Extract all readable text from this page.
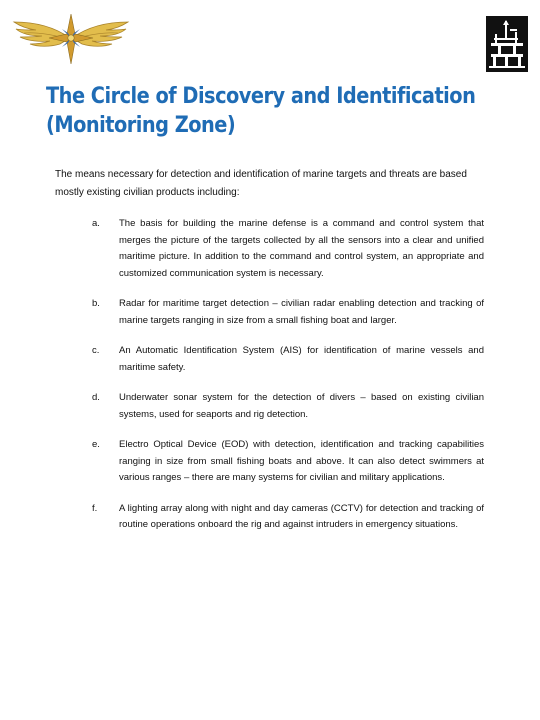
The Circle of Discovery and Identification
(Monitoring Zone)

The means necessary for detection and identification of marine targets and threats are based mostly existing civilian products including:

a.	The basis for building the marine defense is a command and control system that merges the picture of the targets collected by all the sensors into a clear and unified maritime picture. In addition to the command and control system, an appropriate and customized communication system is necessary.
b.	Radar for maritime target detection – civilian radar enabling detection and tracking of marine targets ranging in size from a small fishing boat and larger.
c.	An Automatic Identification System (AIS) for identification of marine vessels and maritime safety.
d.	Underwater sonar system for the detection of divers – based on existing civilian systems, used for seaports and rig detection.
e.	Electro Optical Device (EOD) with detection, identification and tracking capabilities ranging in size from small fishing boats and above. It can also detect swimmers at various ranges – there are many systems for civilian and military applications.
f.	A lighting array along with night and day cameras (CCTV) for detection and tracking of routine operations onboard the rig and against intruders in emergency situations.
